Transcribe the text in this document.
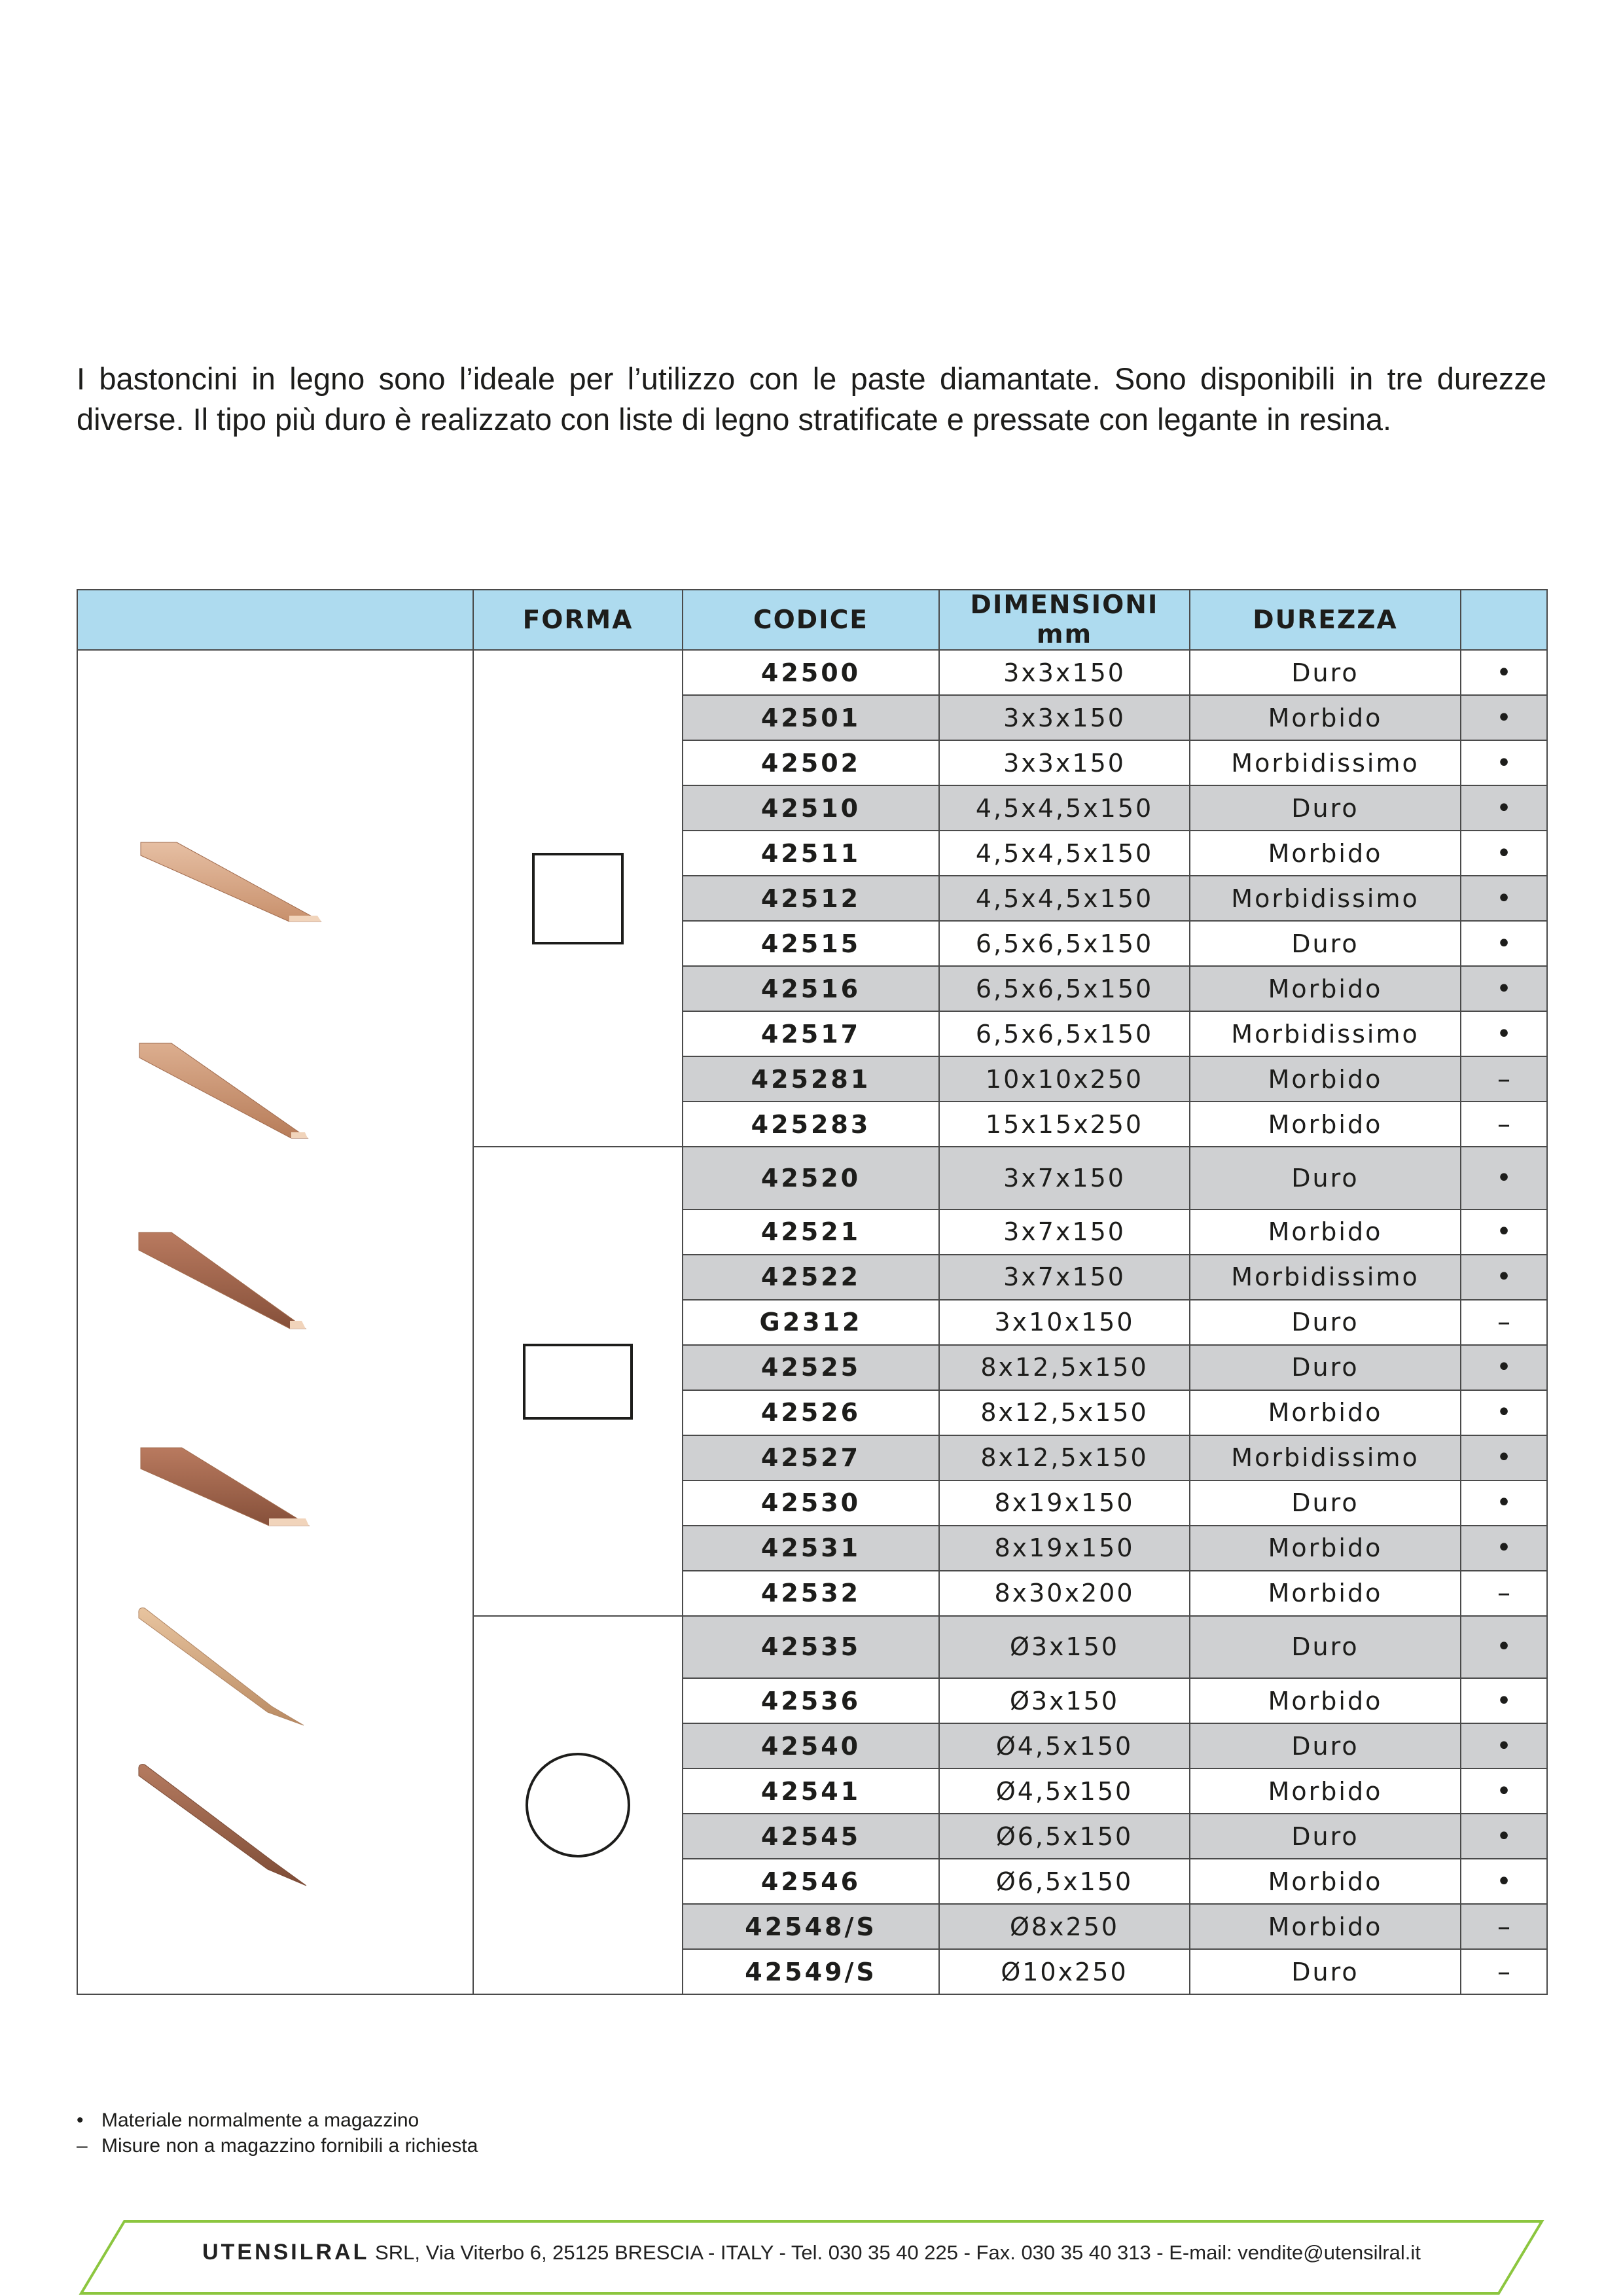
I bastoncini in legno sono l’ideale per l’utilizzo con le paste diamantate. Sono disponibili in tre durezze diverse. Il tipo più duro è realizzato con liste di legno stratificate e pressate con legante in resina.

	FORMA	CODICE	DIMENSIONI mm	DUREZZA	

	42500	3x3x150	Duro	•
		42501	3x3x150	Morbido	•
		42502	3x3x150	Morbidissimo	•
		42510	4,5x4,5x150	Duro	•
		42511	4,5x4,5x150	Morbido	•
		42512	4,5x4,5x150	Morbidissimo	•
		42515	6,5x6,5x150	Duro	•
		42516	6,5x6,5x150	Morbido	•
		42517	6,5x6,5x150	Morbidissimo	•
		425281	10x10x250	Morbido	–
		425283	15x15x250	Morbido	–

	42520	3x7x150	Duro	•
		42521	3x7x150	Morbido	•
		42522	3x7x150	Morbidissimo	•
		G2312	3x10x150	Duro	–
		42525	8x12,5x150	Duro	•
		42526	8x12,5x150	Morbido	•
		42527	8x12,5x150	Morbidissimo	•
		42530	8x19x150	Duro	•
		42531	8x19x150	Morbido	•
		42532	8x30x200	Morbido	–

	42535	Ø3x150	Duro	•
		42536	Ø3x150	Morbido	•
		42540	Ø4,5x150	Duro	•
		42541	Ø4,5x150	Morbido	•
		42545	Ø6,5x150	Duro	•
		42546	Ø6,5x150	Morbido	•
		42548/S	Ø8x250	Morbido	–
		42549/S	Ø10x250	Duro	–
• Materiale normalmente a magazzino
– Misure non a magazzino fornibili a richiesta
UTENSILRAL SRL, Via Viterbo 6, 25125 BRESCIA - ITALY - Tel. 030 35 40 225 - Fax. 030 35 40 313 - E-mail: vendite@utensilral.it
